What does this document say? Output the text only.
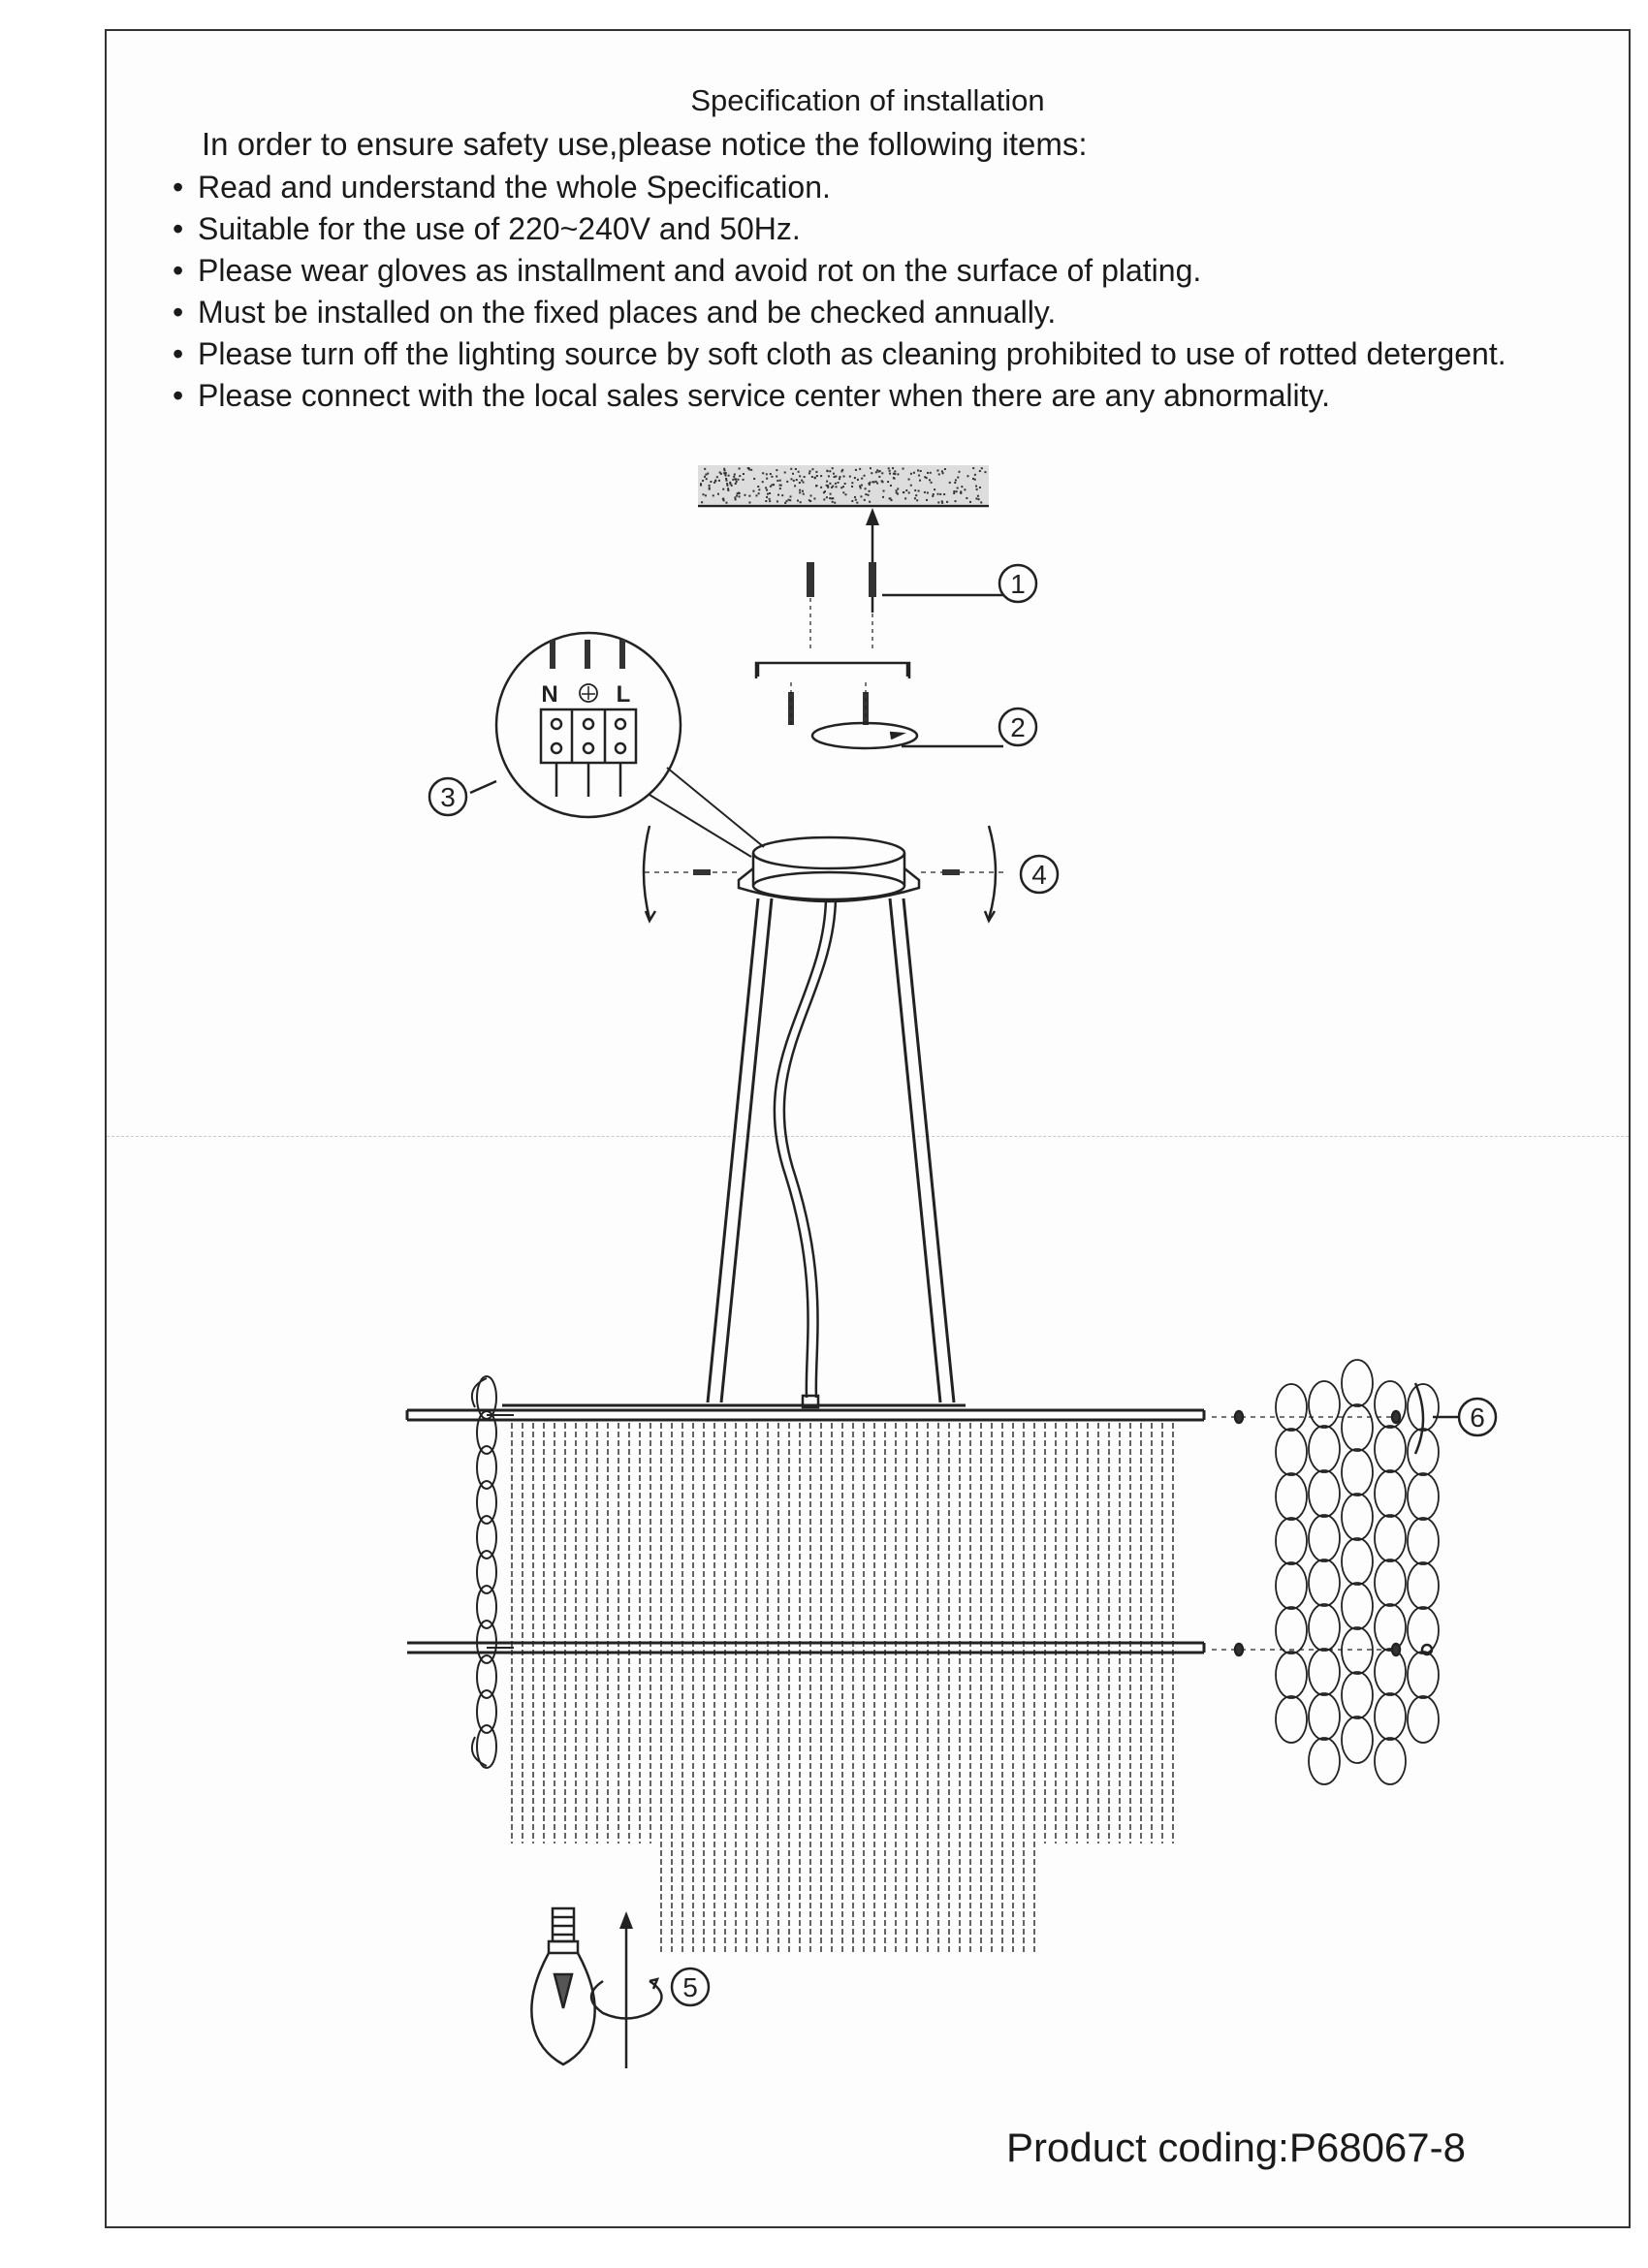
Specification of installation
In order to ensure safety use,please notice the following items:
• Read and understand the whole Specification.
• Suitable for the use of 220~240V and 50Hz.
• Please wear gloves as installment and avoid rot on the surface of plating.
• Must be installed on the fixed places and be checked annually.
• Please turn off the lighting source by soft cloth as cleaning prohibited to use of rotted detergent.
• Please connect with the local sales service center when there are any abnormality.
1
2
N L
3
4
6
5
Product coding:P68067-8
